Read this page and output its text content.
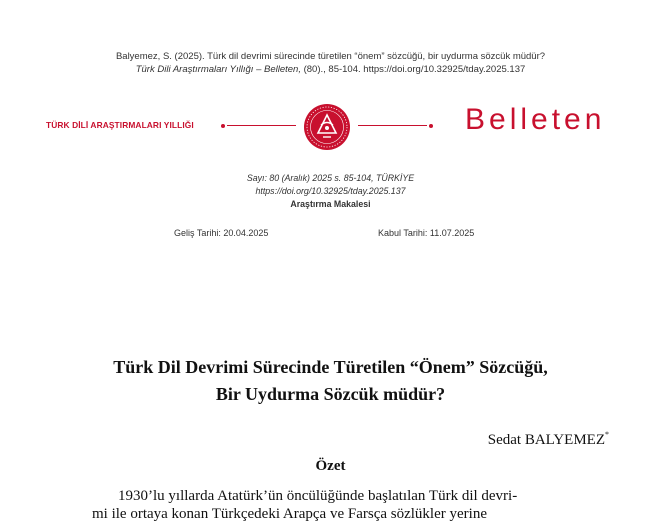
Balyemez, S. (2025). Türk dil devrimi sürecinde türetilen “önem” sözcüğü, bir uydurma sözcük müdür?
Türk Dili Araştırmaları Yıllığı – Belleten, (80)., 85-104. https://doi.org/10.32925/tday.2025.137
TÜRK DİLİ ARAŞTIRMALARI YILLIĞI	Belleten
Sayı: 80 (Aralık) 2025 s. 85-104, TÜRKİYE
https://doi.org/10.32925/tday.2025.137
Araştırma Makalesi
Geliş Tarihi: 20.04.2025	Kabul Tarihi: 11.07.2025
Türk Dil Devrimi Sürecinde Türetilen “Önem” Sözcüğü,
Bir Uydurma Sözcük müdür?
Sedat BALYEMEZ*
Özet
1930’lu yıllarda Atatürk’ün öncülüğünde başlatılan Türk dil devri-
mi ile ortaya konan Türkçedeki Arapça ve Farsça sözlükler yerine
